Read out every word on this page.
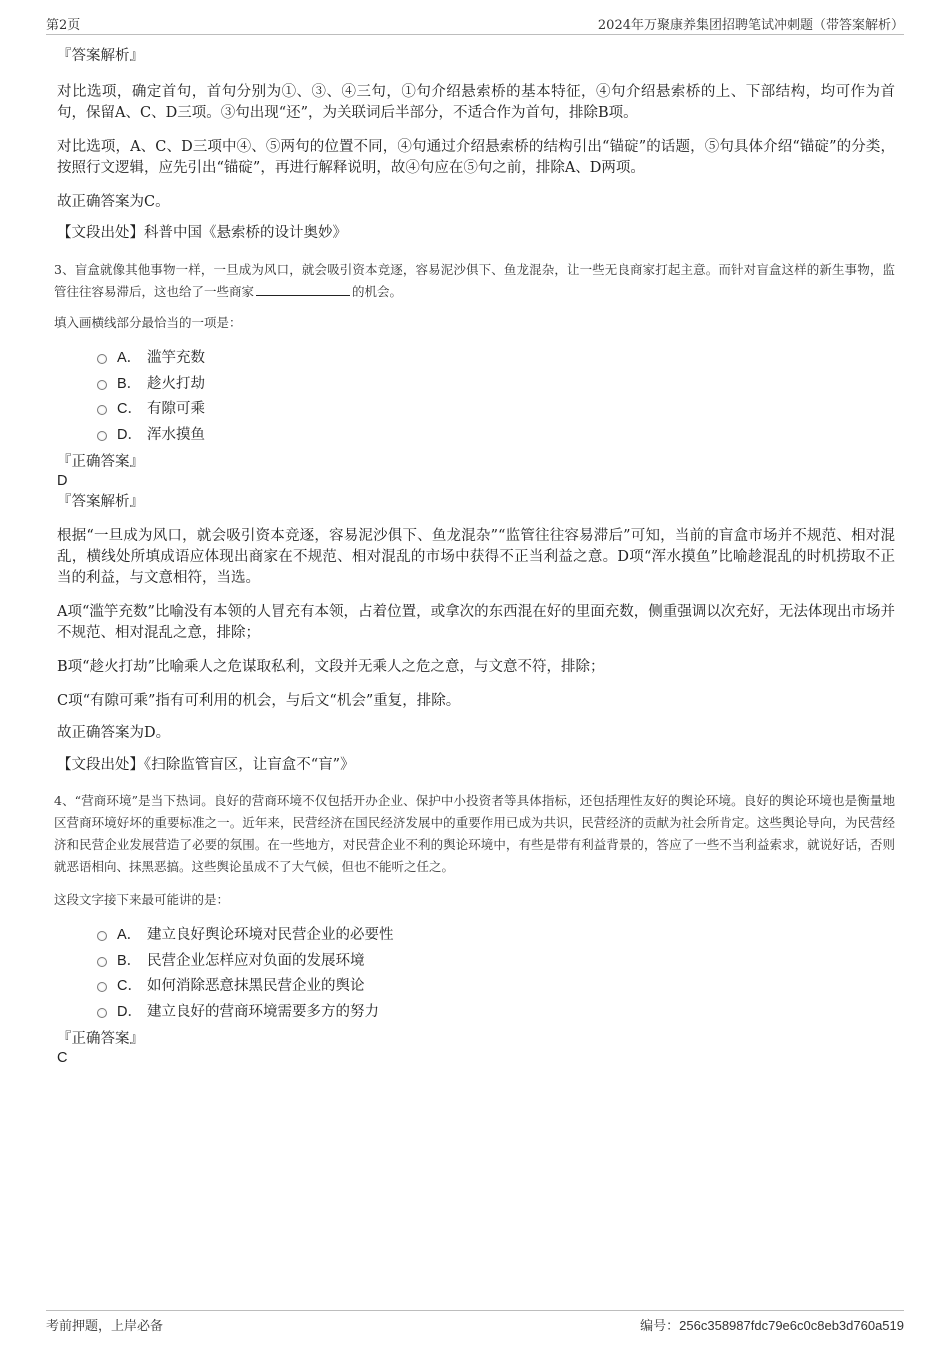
第2页	2024年万聚康养集团招聘笔试冲刺题（带答案解析）
『答案解析』
对比选项，确定首句，首句分别为①、③、④三句，①句介绍悬索桥的基本特征，④句介绍悬索桥的上、下部结构，均可作为首句，保留A、C、D三项。③句出现“还”，为关联词后半部分，不适合作为首句，排除B项。
对比选项，A、C、D三项中④、⑤两句的位置不同，④句通过介绍悬索桥的结构引出“锚碇”的话题，⑤句具体介绍“锚碇”的分类，按照行文逻辑，应先引出“锚碇”，再进行解释说明，故④句应在⑤句之前，排除A、D两项。
故正确答案为C。
【文段出处】科普中国《悬索桥的设计奥妙》
3、盲盒就像其他事物一样，一旦成为风口，就会吸引资本竞逐，容易泥沙俱下、鱼龙混杂，让一些无良商家打起主意。而针对盲盒这样的新生事物，监管往往容易滞后，这也给了一些商家	的机会。
填入画横线部分最恰当的一项是：
A． 滥竽充数
B． 趁火打劫
C． 有隙可乘
D． 浑水摸鱼
『正确答案』
D
『答案解析』
根据“一旦成为风口，就会吸引资本竞逐，容易泥沙俱下、鱼龙混杂”“监管往往容易滞后”可知，当前的盲盒市场并不规范、相对混乱，横线处所填成语应体现出商家在不规范、相对混乱的市场中获得不正当利益之意。D项“浑水摸鱼”比喻趁混乱的时机捞取不正当的利益，与文意相符，当选。
A项“滥竽充数”比喻没有本领的人冒充有本领，占着位置，或拿次的东西混在好的里面充数，侧重强调以次充好，无法体现出市场并不规范、相对混乱之意，排除；
B项“趁火打劫”比喻乘人之危谋取私利，文段并无乘人之危之意，与文意不符，排除；
C项“有隙可乘”指有可利用的机会，与后文“机会”重复，排除。
故正确答案为D。
【文段出处】《扫除监管盲区，让盲盒不“盲”》
4、“营商环境”是当下热词。良好的营商环境不仅包括开办企业、保护中小投资者等具体指标，还包括理性友好的舆论环境。良好的舆论环境也是衡量地区营商环境好坏的重要标准之一。近年来，民营经济在国民经济发展中的重要作用已成为共识，民营经济的贡献为社会所肯定。这些舆论导向，为民营经济和民营企业发展营造了必要的氛围。在一些地方，对民营企业不利的舆论环境中，有些是带有利益背景的，答应了一些不当利益索求，就说好话，否则就恶语相向、抹黑恶搞。这些舆论虽成不了大气候，但也不能听之任之。
这段文字接下来最可能讲的是：
A． 建立良好舆论环境对民营企业的必要性
B． 民营企业怎样应对负面的发展环境
C． 如何消除恶意抹黑民营企业的舆论
D． 建立良好的营商环境需要多方的努力
『正确答案』
C
考前押题，上岸必备	编号：256c358987fdc79e6c0c8eb3d760a519
